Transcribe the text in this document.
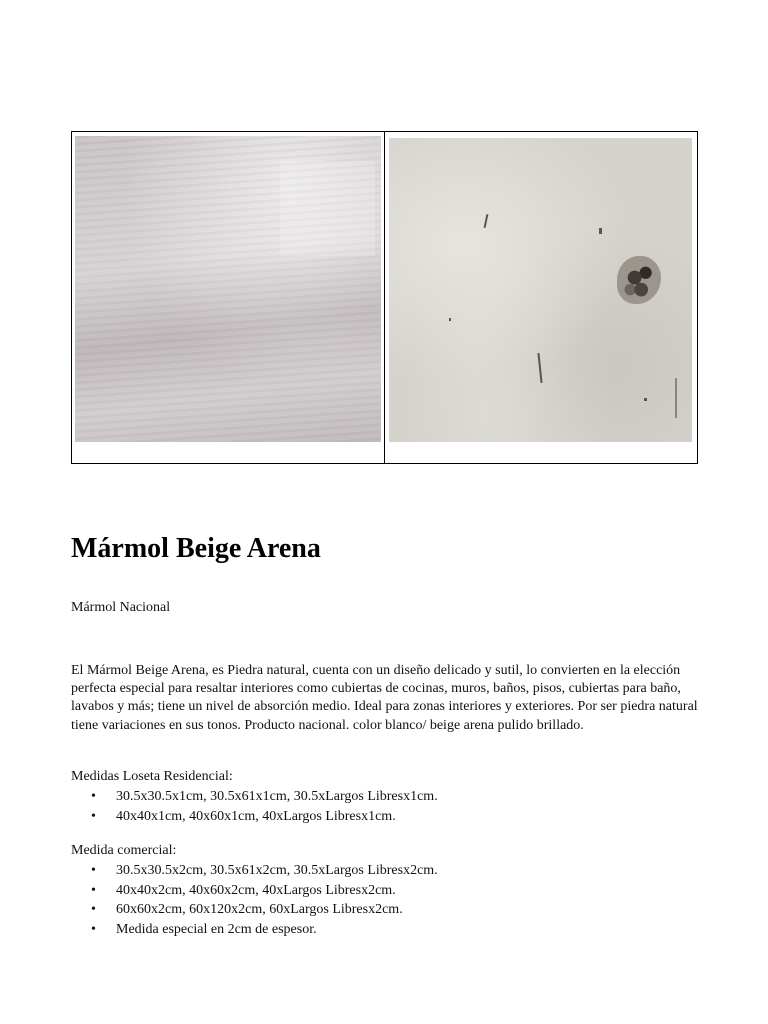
Mármol Beige Arena
Mármol Nacional
El Mármol Beige Arena, es Piedra natural, cuenta con un diseño delicado y sutil, lo convierten en la elección perfecta especial para resaltar interiores como cubiertas de cocinas, muros, baños, pisos, cubiertas para baño, lavabos y más; tiene un nivel de absorción medio. Ideal para zonas interiores y exteriores. Por ser piedra natural tiene variaciones en sus tonos. Producto nacional. color blanco/ beige arena pulido brillado.
Medidas Loseta Residencial:
• 30.5x30.5x1cm, 30.5x61x1cm, 30.5xLargos Libresx1cm.
• 40x40x1cm, 40x60x1cm, 40xLargos Libresx1cm.
Medida comercial:
• 30.5x30.5x2cm, 30.5x61x2cm, 30.5xLargos Libresx2cm.
• 40x40x2cm, 40x60x2cm, 40xLargos Libresx2cm.
• 60x60x2cm, 60x120x2cm, 60xLargos Libresx2cm.
• Medida especial en 2cm de espesor.
